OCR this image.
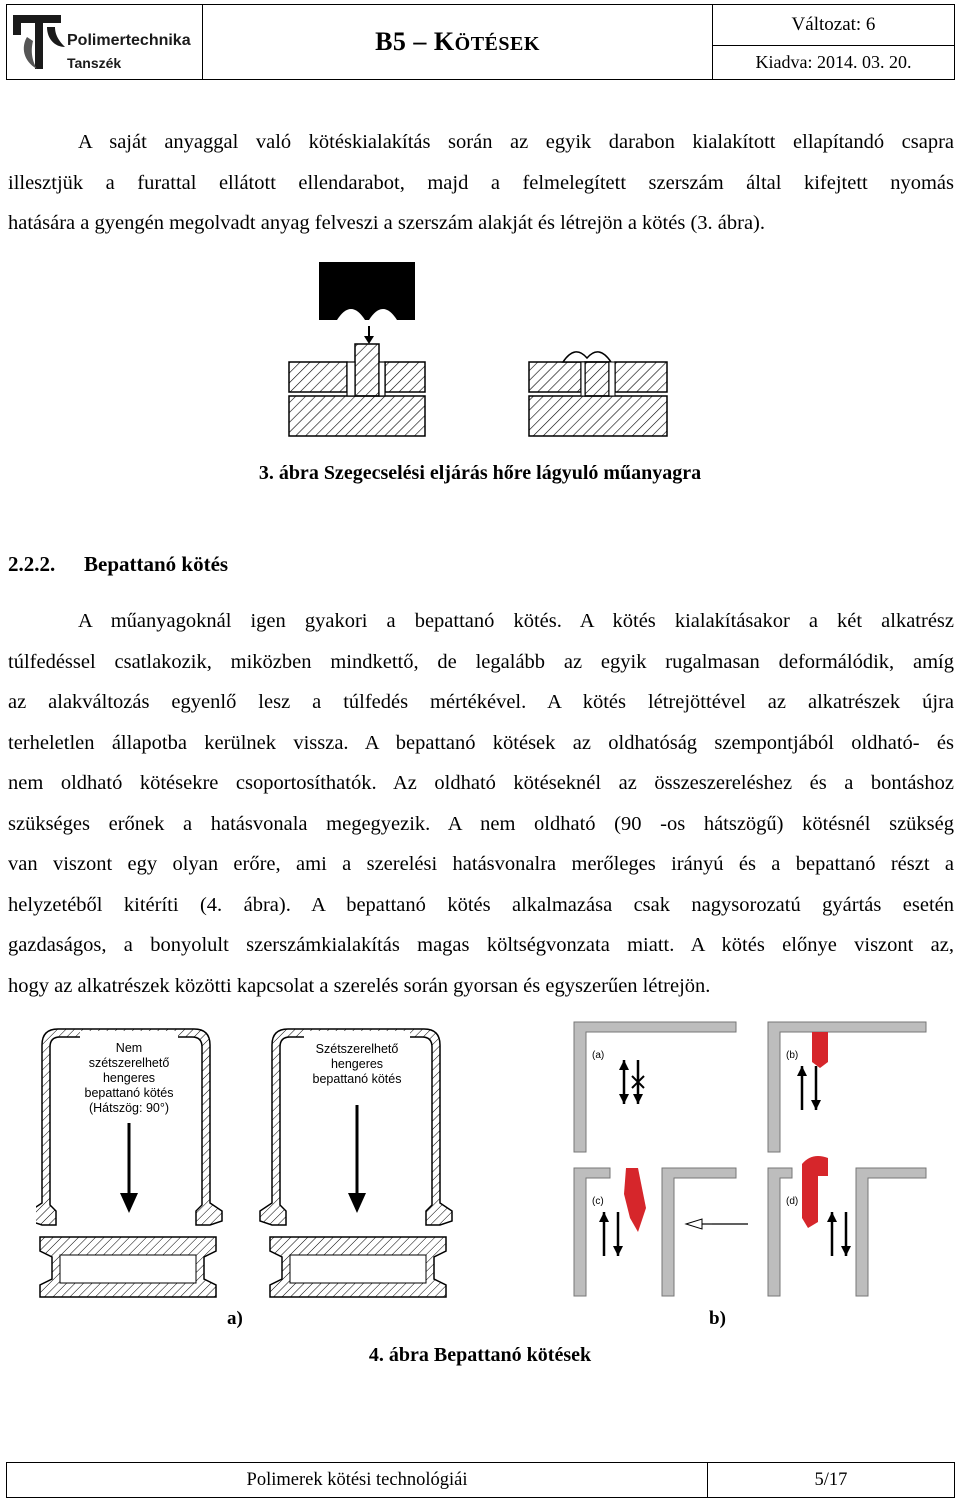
Polimertechnika
Tanszék
B5 – KÖTÉSEK
Változat: 6
Kiadva: 2014. 03. 20.
A saját anyaggal való kötéskialakítás során az egyik darabon kialakított ellapítandó csapra
illesztjük a furattal ellátott ellendarabot, majd a felmelegített szerszám által kifejtett nyomás
hatására a gyengén megolvadt anyag felveszi a szerszám alakját és létrejön a kötés (3. ábra).
3. ábra Szegecselési eljárás hőre lágyuló műanyagra
2.2.2. Bepattanó kötés
A műanyagoknál igen gyakori a bepattanó kötés. A kötés kialakításakor a két alkatrész
túlfedéssel csatlakozik, miközben mindkettő, de legalább az egyik rugalmasan deformálódik, amíg
az alakváltozás egyenlő lesz a túlfedés mértékével. A kötés létrejöttével az alkatrészek újra
terheletlen állapotba kerülnek vissza. A bepattanó kötések az oldhatóság szempontjából oldható- és
nem oldható kötésekre csoportosíthatók. Az oldható kötéseknél az összeszereléshez és a bontáshoz
szükséges erőnek a hatásvonala megegyezik. A nem oldható (90 -os hátszögű) kötésnél szükség
van viszont egy olyan erőre, ami a szerelési hatásvonalra merőleges irányú és a bepattanó részt a
helyzetéből kitéríti (4. ábra). A bepattanó kötés alkalmazása csak nagysorozatú gyártás esetén
gazdaságos, a bonyolult szerszámkialakítás magas költségvonzata miatt. A kötés előnye viszont az,
hogy az alkatrészek közötti kapcsolat a szerelés során gyorsan és egyszerűen létrejön.
Nem
szétszerelhető
hengeres
bepattanó kötés
(Hátszög: 90°)
Szétszerelhető
hengeres
bepattanó kötés
(a)	(b)
(c)	(d)
a)	b)
4. ábra Bepattanó kötések
Polimerek kötési technológiái	5/17
